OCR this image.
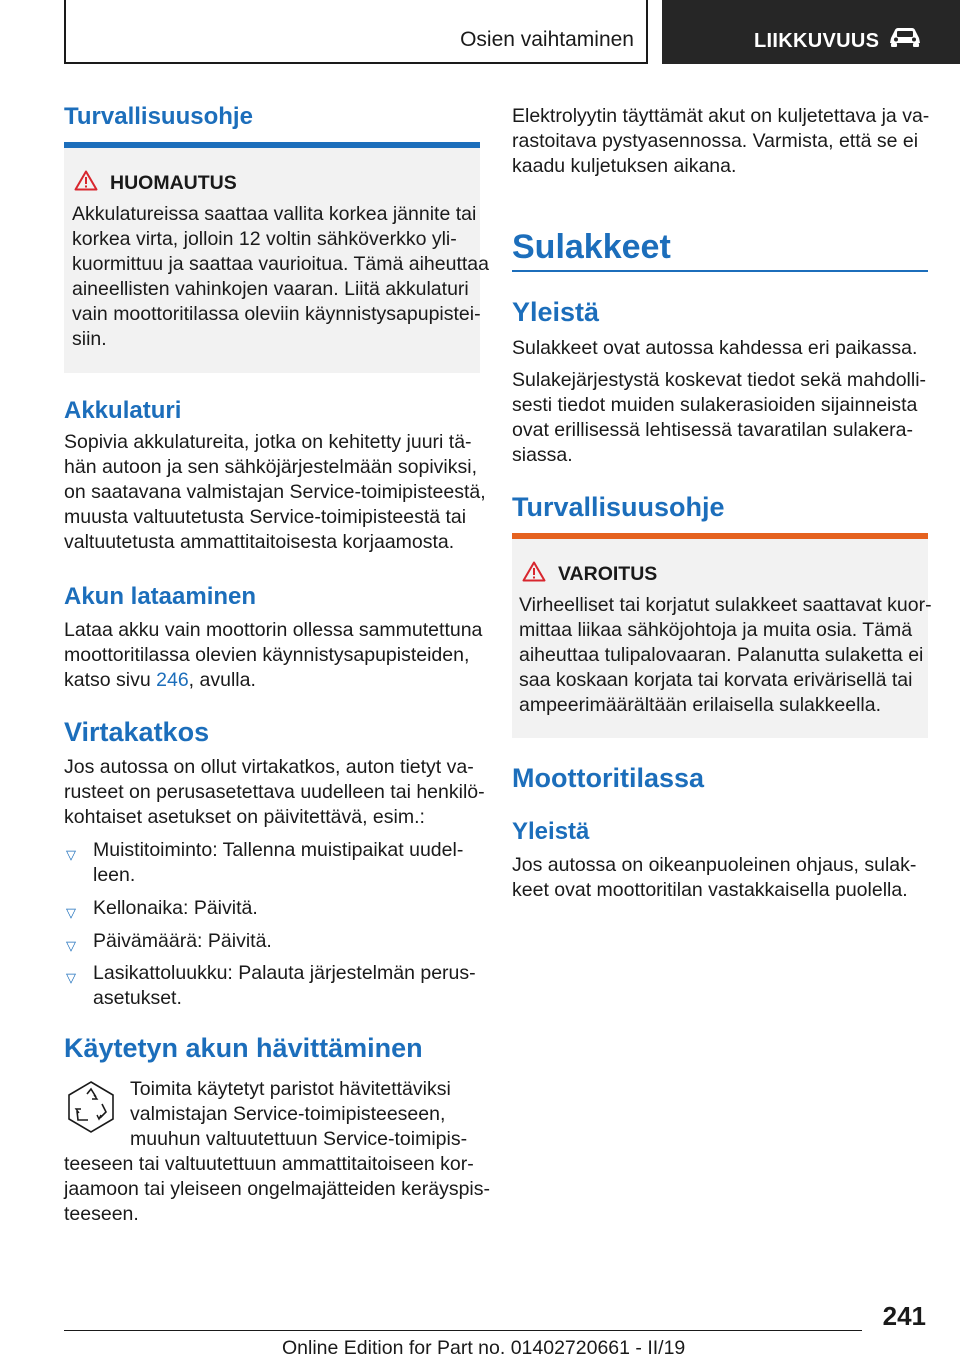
Osien vaihtaminen	LIIKKUVUUS
Turvallisuusohje
HUOMAUTUS
Akkulatureissa saattaa vallita korkea jännite tai
korkea virta, jolloin 12 voltin sähköverkko yli-
kuormittuu ja saattaa vaurioitua. Tämä aiheuttaa
aineellisten vahinkojen vaaran. Liitä akkulaturi
vain moottoritilassa oleviin käynnistysapupistei-
siin.
Akkulaturi
Sopivia akkulatureita, jotka on kehitetty juuri tä-
hän autoon ja sen sähköjärjestelmään sopiviksi,
on saatavana valmistajan Service-toimipisteestä,
muusta valtuutetusta Service-toimipisteestä tai
valtuutetusta ammattitaitoisesta korjaamosta.
Akun lataaminen
Lataa akku vain moottorin ollessa sammutettuna
moottoritilassa olevien käynnistysapupisteiden,
katso sivu 246, avulla.
Virtakatkos
Jos autossa on ollut virtakatkos, auton tietyt va-
rusteet on perusasetettava uudelleen tai henkilö-
kohtaiset asetukset on päivitettävä, esim.:
▽ Muistitoiminto: Tallenna muistipaikat uudel-
leen.
▽ Kellonaika: Päivitä.
▽ Päivämäärä: Päivitä.
▽ Lasikattoluukku: Palauta järjestelmän perus-
asetukset.
Käytetyn akun hävittäminen
Toimita käytetyt paristot hävitettäviksi
valmistajan Service-toimipisteeseen,
muuhun valtuutettuun Service-toimipis-
teeseen tai valtuutettuun ammattitaitoiseen kor-
jaamoon tai yleiseen ongelmajätteiden keräyspis-
teeseen.
Elektrolyytin täyttämät akut on kuljetettava ja va-
rastoitava pystyasennossa. Varmista, että se ei
kaadu kuljetuksen aikana.
Sulakkeet
Yleistä
Sulakkeet ovat autossa kahdessa eri paikassa.
Sulakejärjestystä koskevat tiedot sekä mahdolli-
sesti tiedot muiden sulakerasioiden sijainneista
ovat erillisessä lehtisessä tavaratilan sulakera-
siassa.
Turvallisuusohje
VAROITUS
Virheelliset tai korjatut sulakkeet saattavat kuor-
mittaa liikaa sähköjohtoja ja muita osia. Tämä
aiheuttaa tulipalovaaran. Palanutta sulaketta ei
saa koskaan korjata tai korvata erivärisellä tai
ampeerimäärältään erilaisella sulakkeella.
Moottoritilassa
Yleistä
Jos autossa on oikeanpuoleinen ohjaus, sulak-
keet ovat moottoritilan vastakkaisella puolella.
241
Online Edition for Part no. 01402720661 - II/19
